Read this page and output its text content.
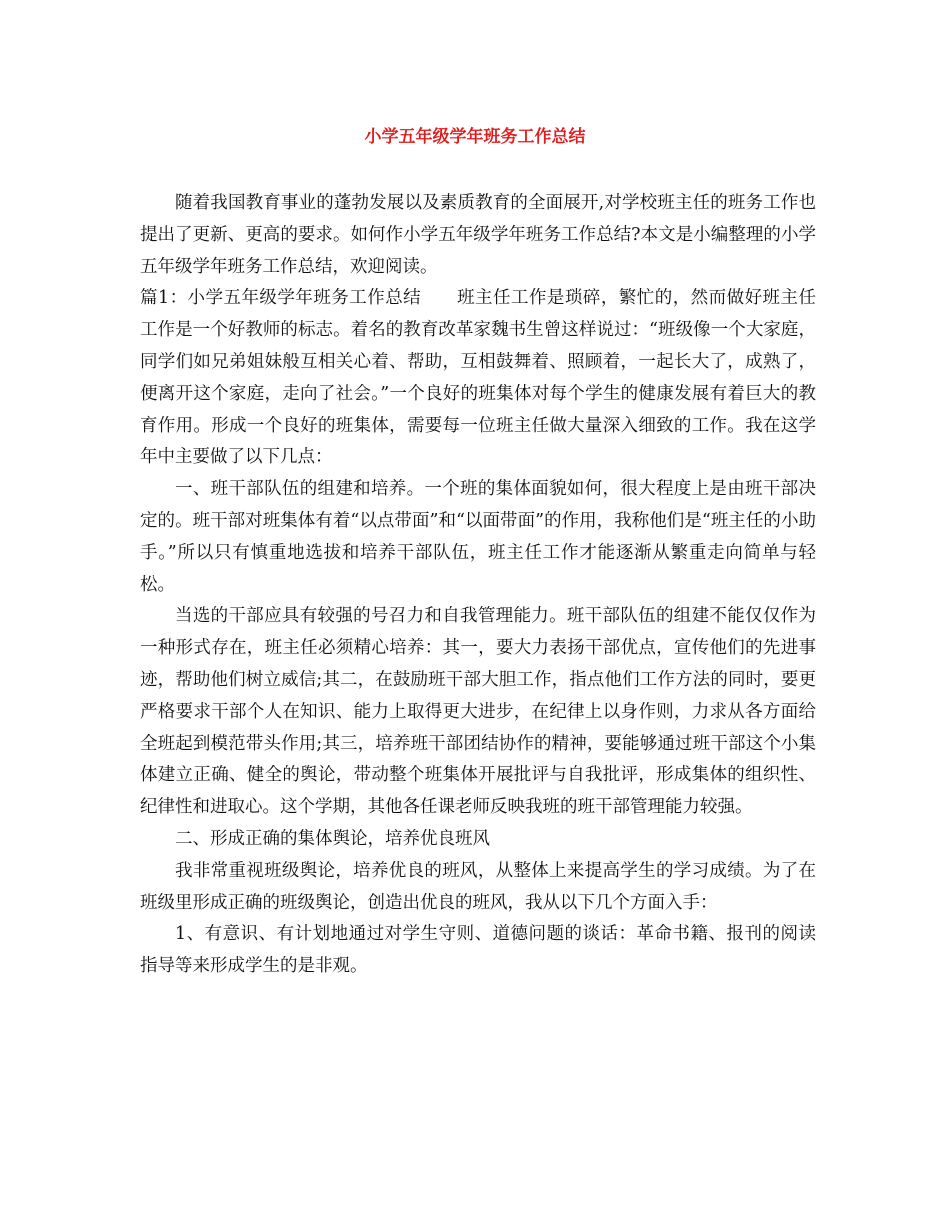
小学五年级学年班务工作总结

随着我国教育事业的蓬勃发展以及素质教育的全面展开,对学校班主任的班务工作也提出了更新、更高的要求。如何作小学五年级学年班务工作总结?本文是小编整理的小学五年级学年班务工作总结，欢迎阅读。

篇1：小学五年级学年班务工作总结　　班主任工作是琐碎，繁忙的，然而做好班主任工作是一个好教师的标志。着名的教育改革家魏书生曾这样说过：“班级像一个大家庭，同学们如兄弟姐妹般互相关心着、帮助，互相鼓舞着、照顾着，一起长大了，成熟了，便离开这个家庭，走向了社会。”一个良好的班集体对每个学生的健康发展有着巨大的教育作用。形成一个良好的班集体，需要每一位班主任做大量深入细致的工作。我在这学年中主要做了以下几点：

一、班干部队伍的组建和培养。一个班的集体面貌如何，很大程度上是由班干部决定的。班干部对班集体有着“以点带面”和“以面带面”的作用，我称他们是“班主任的小助手。”所以只有慎重地选拔和培养干部队伍，班主任工作才能逐渐从繁重走向简单与轻松。

当选的干部应具有较强的号召力和自我管理能力。班干部队伍的组建不能仅仅作为一种形式存在，班主任必须精心培养：其一，要大力表扬干部优点，宣传他们的先进事迹，帮助他们树立威信;其二，在鼓励班干部大胆工作，指点他们工作方法的同时，要更严格要求干部个人在知识、能力上取得更大进步，在纪律上以身作则，力求从各方面给全班起到模范带头作用;其三，培养班干部团结协作的精神，要能够通过班干部这个小集体建立正确、健全的舆论，带动整个班集体开展批评与自我批评，形成集体的组织性、纪律性和进取心。这个学期，其他各任课老师反映我班的班干部管理能力较强。

二、形成正确的集体舆论，培养优良班风

我非常重视班级舆论，培养优良的班风，从整体上来提高学生的学习成绩。为了在班级里形成正确的班级舆论，创造出优良的班风，我从以下几个方面入手：

1、有意识、有计划地通过对学生守则、道德问题的谈话：革命书籍、报刊的阅读指导等来形成学生的是非观。
